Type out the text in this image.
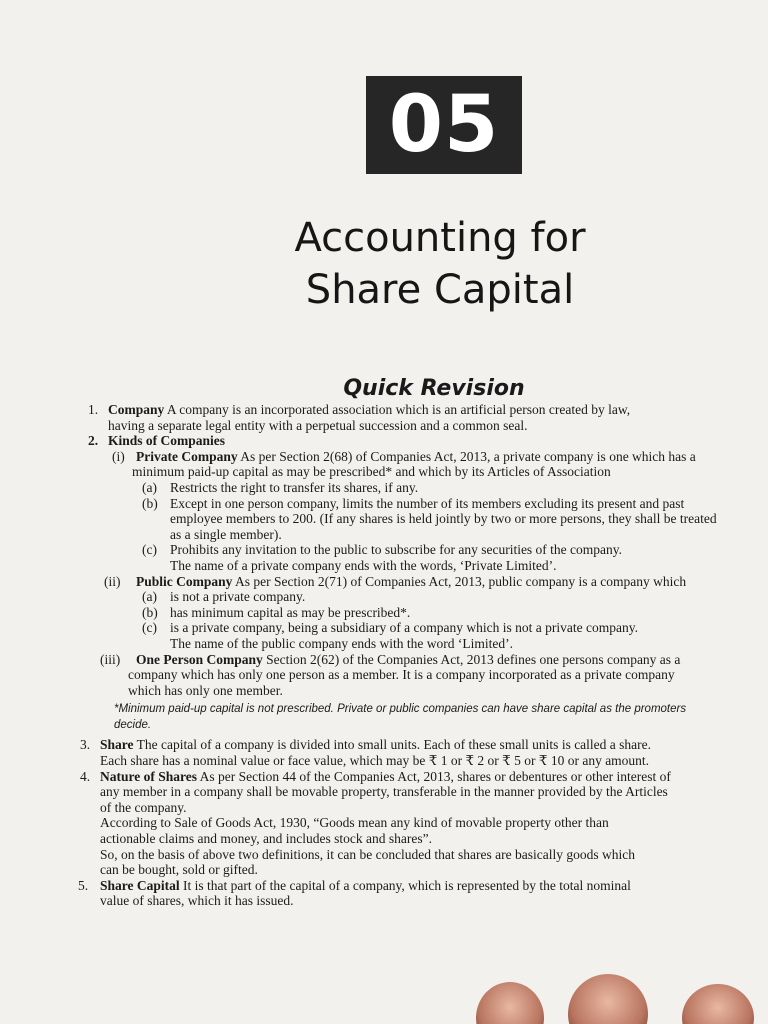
05
Accounting for
Share Capital
Quick Revision
1. Company A company is an incorporated association which is an artificial person created by law,
having a separate legal entity with a perpetual succession and a common seal.
2. Kinds of Companies
(i) Private Company As per Section 2(68) of Companies Act, 2013, a private company is one which has a
minimum paid-up capital as may be prescribed* and which by its Articles of Association
(a) Restricts the right to transfer its shares, if any.
(b) Except in one person company, limits the number of its members excluding its present and past
employee members to 200. (If any shares is held jointly by two or more persons, they shall be treated
as a single member).
(c) Prohibits any invitation to the public to subscribe for any securities of the company.
The name of a private company ends with the words, ‘Private Limited’.
(ii) Public Company As per Section 2(71) of Companies Act, 2013, public company is a company which
(a) is not a private company.
(b) has minimum capital as may be prescribed*.
(c) is a private company, being a subsidiary of a company which is not a private company.
The name of the public company ends with the word ‘Limited’.
(iii) One Person Company Section 2(62) of the Companies Act, 2013 defines one persons company as a
company which has only one person as a member. It is a company incorporated as a private company
which has only one member.
*Minimum paid-up capital is not prescribed. Private or public companies can have share capital as the promoters
decide.
3. Share The capital of a company is divided into small units. Each of these small units is called a share.
Each share has a nominal value or face value, which may be ₹ 1 or ₹ 2 or ₹ 5 or ₹ 10 or any amount.
4. Nature of Shares As per Section 44 of the Companies Act, 2013, shares or debentures or other interest of
any member in a company shall be movable property, transferable in the manner provided by the Articles
of the company.
According to Sale of Goods Act, 1930, “Goods mean any kind of movable property other than
actionable claims and money, and includes stock and shares”.
So, on the basis of above two definitions, it can be concluded that shares are basically goods which
can be bought, sold or gifted.
5. Share Capital It is that part of the capital of a company, which is represented by the total nominal
value of shares, which it has issued.
